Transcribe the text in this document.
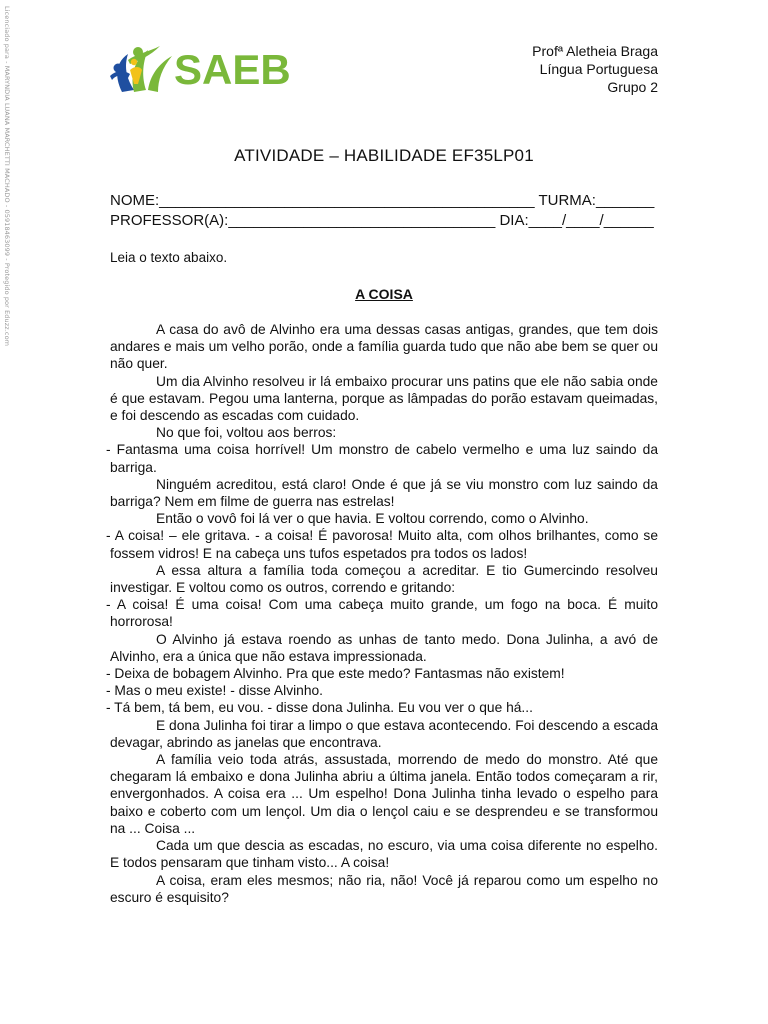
Licenciado para - MARYNDIA LUANA MARCHETTI MACHADO - 05918463099 - Protegido por Eduzz.com	SAEB	Profª Aletheia Braga
Língua Portuguesa
Grupo 2
ATIVIDADE – HABILIDADE EF35LP01
NOME:_____________________________________________ TURMA:_______
PROFESSOR(A):________________________________ DIA:____/____/______
Leia o texto abaixo.
A COISA

A casa do avô de Alvinho era uma dessas casas antigas, grandes, que tem dois andares e mais um velho porão, onde a família guarda tudo que não abe bem se quer ou não quer.

Um dia Alvinho resolveu ir lá embaixo procurar uns patins que ele não sabia onde é que estavam. Pegou uma lanterna, porque as lâmpadas do porão estavam queimadas, e foi descendo as escadas com cuidado.

No que foi, voltou aos berros:

- Fantasma uma coisa horrível! Um monstro de cabelo vermelho e uma luz saindo da barriga.

Ninguém acreditou, está claro! Onde é que já se viu monstro com luz saindo da barriga? Nem em filme de guerra nas estrelas!

Então o vovô foi lá ver o que havia. E voltou correndo, como o Alvinho.

- A coisa! – ele gritava. - a coisa! É pavorosa! Muito alta, com olhos brilhantes, como se fossem vidros! E na cabeça uns tufos espetados pra todos os lados!

A essa altura a família toda começou a acreditar. E tio Gumercindo resolveu investigar. E voltou como os outros, correndo e gritando:

- A coisa! É uma coisa! Com uma cabeça muito grande, um fogo na boca. É muito horrorosa!

O Alvinho já estava roendo as unhas de tanto medo. Dona Julinha, a avó de Alvinho, era a única que não estava impressionada.

- Deixa de bobagem Alvinho. Pra que este medo? Fantasmas não existem!

- Mas o meu existe! - disse Alvinho.

- Tá bem, tá bem, eu vou. - disse dona Julinha. Eu vou ver o que há...

E dona Julinha foi tirar a limpo o que estava acontecendo. Foi descendo a escada devagar, abrindo as janelas que encontrava.

A família veio toda atrás, assustada, morrendo de medo do monstro. Até que chegaram lá embaixo e dona Julinha abriu a última janela. Então todos começaram a rir, envergonhados. A coisa era ... Um espelho! Dona Julinha tinha levado o espelho para baixo e coberto com um lençol. Um dia o lençol caiu e se desprendeu e se transformou na ... Coisa ...

Cada um que descia as escadas, no escuro, via uma coisa diferente no espelho. E todos pensaram que tinham visto... A coisa!

A coisa, eram eles mesmos; não ria, não! Você já reparou como um espelho no escuro é esquisito?
